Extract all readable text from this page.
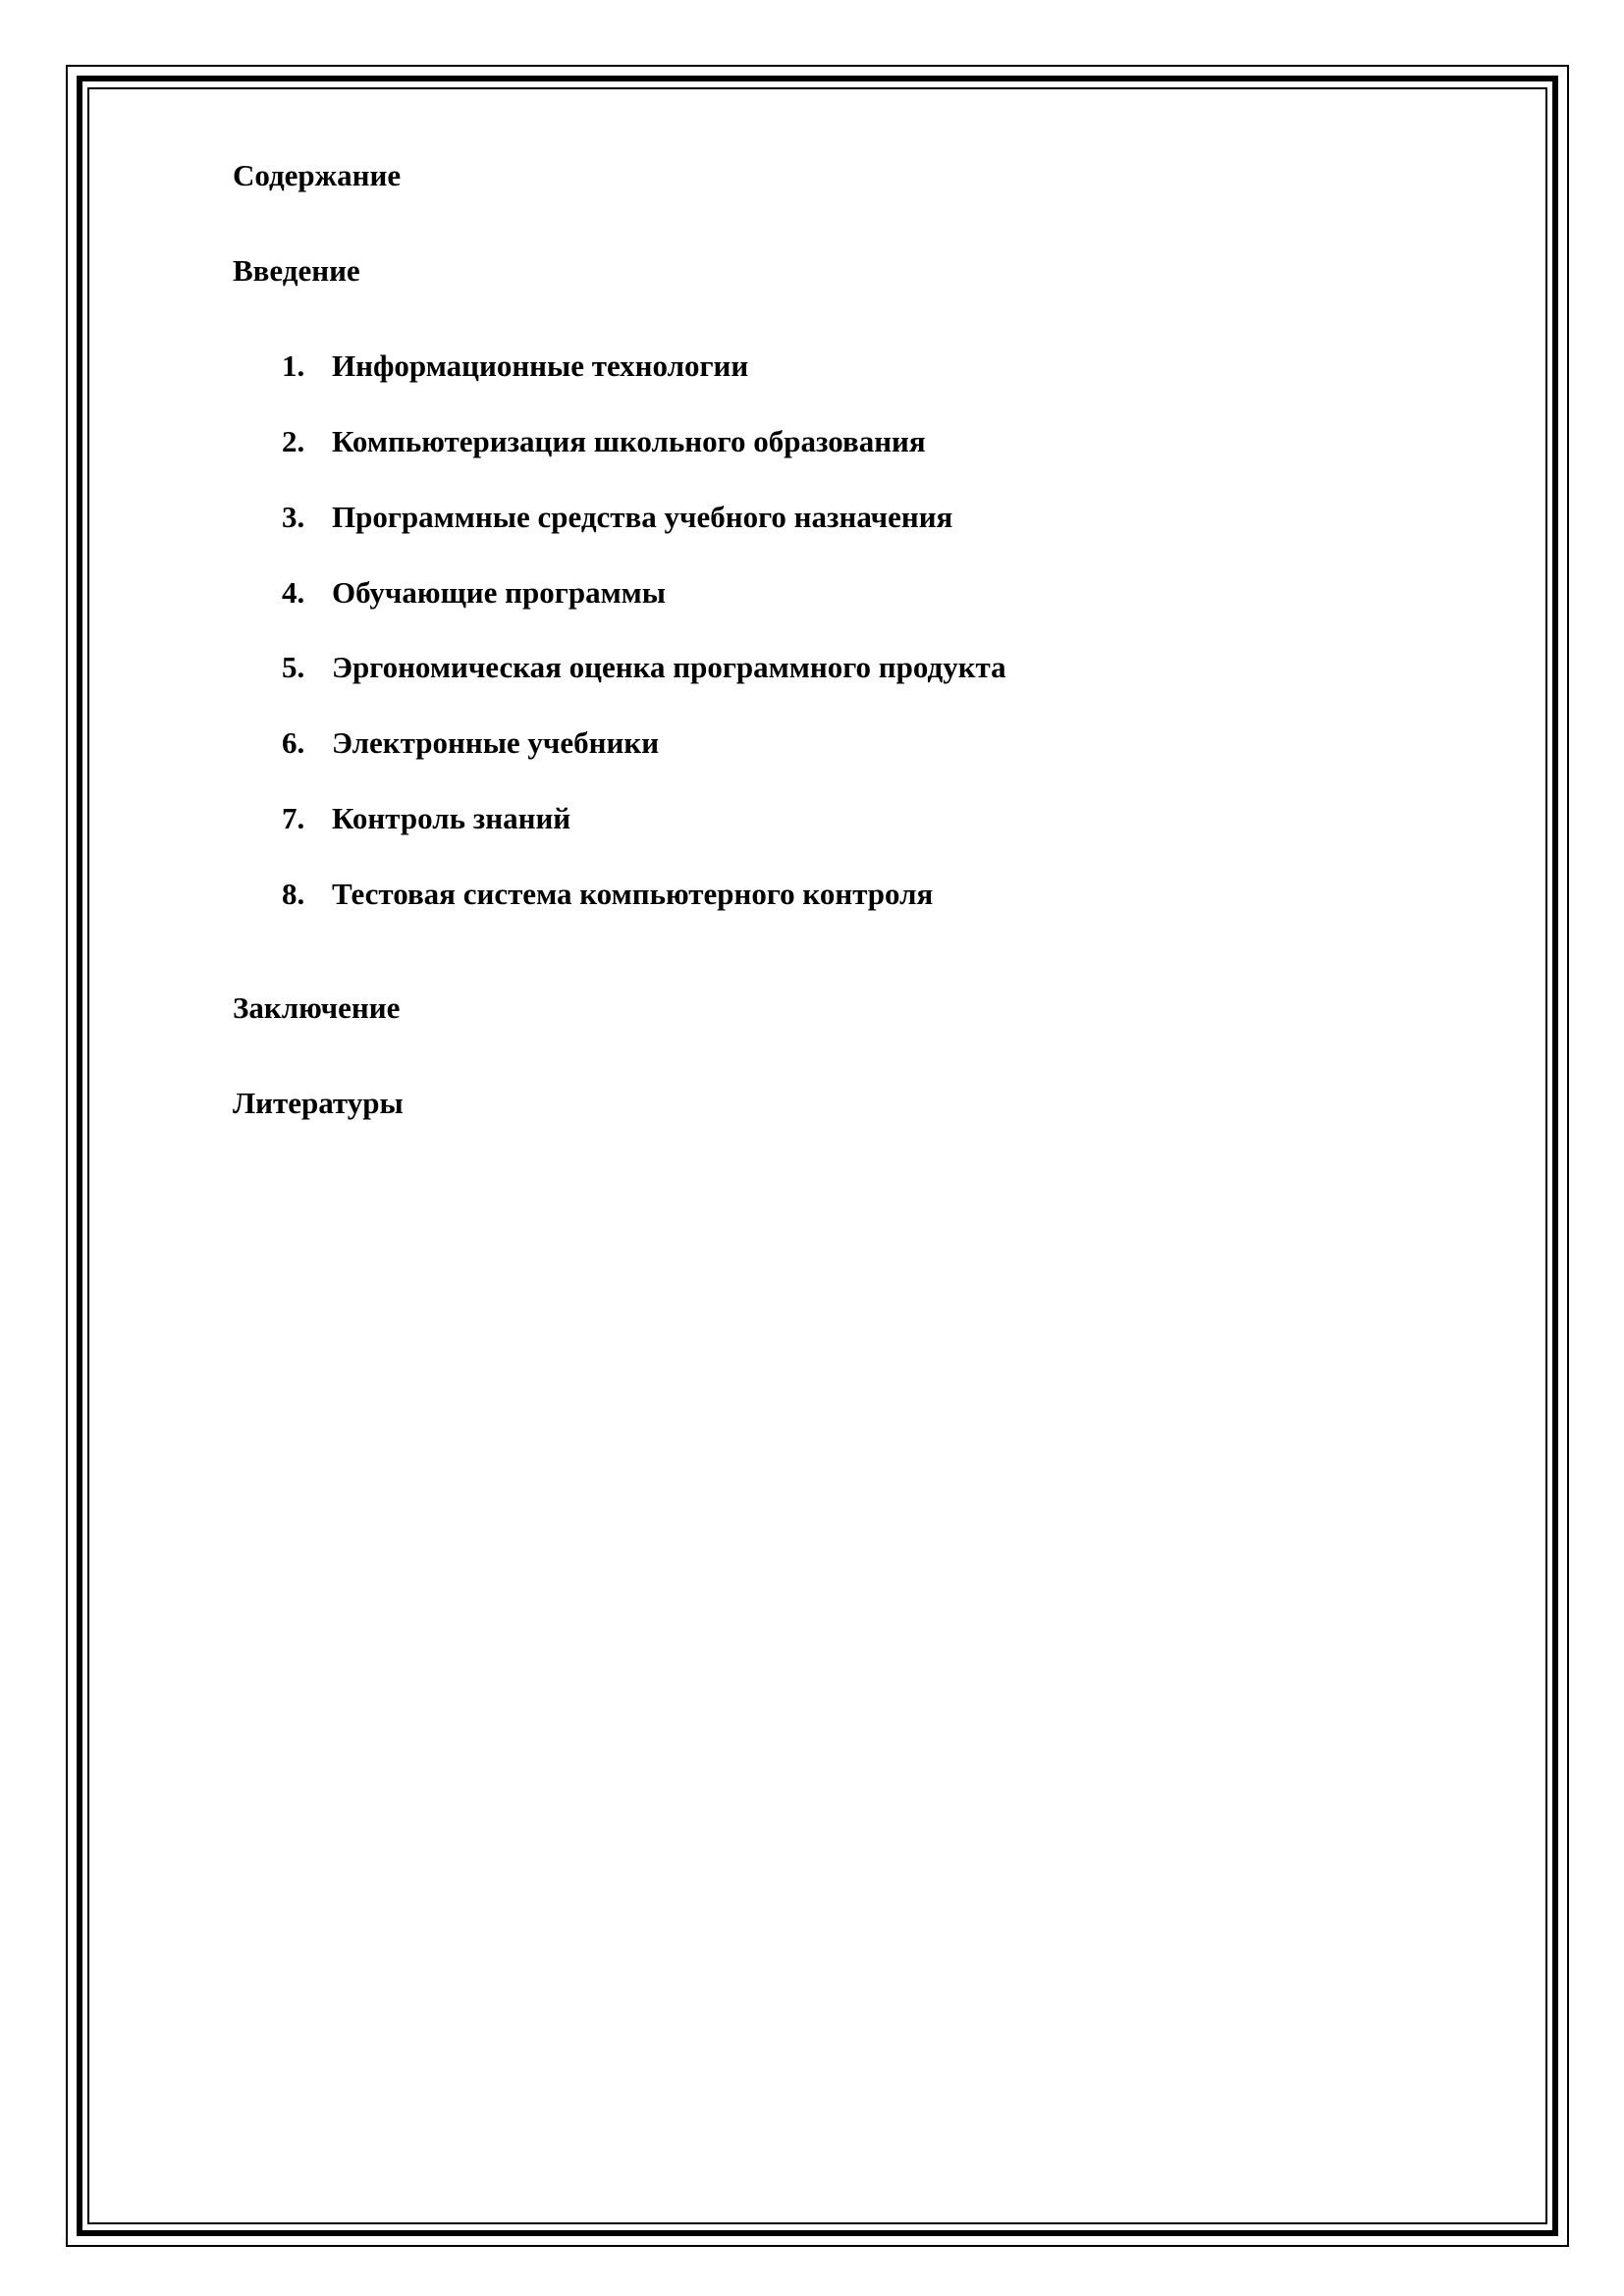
Содержание
Введение
1. Информационные технологии
2. Компьютеризация школьного образования
3. Программные средства учебного назначения
4. Обучающие программы
5. Эргономическая оценка программного продукта
6. Электронные учебники
7. Контроль знаний
8. Тестовая система компьютерного контроля
Заключение
Литературы
